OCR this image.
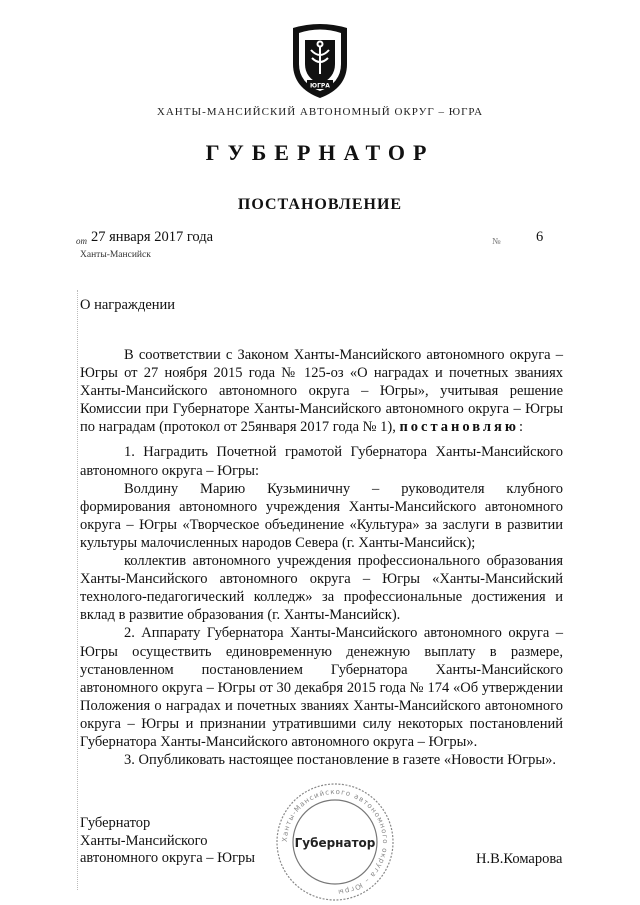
ЮГРА
ХАНТЫ-МАНСИЙСКИЙ АВТОНОМНЫЙ ОКРУГ – ЮГРА
ГУБЕРНАТОР
ПОСТАНОВЛЕНИЕ
от 27 января 2017 года	№ 6
Ханты-Мансийск
О награждении

В соответствии с Законом Ханты-Мансийского автономного округа – Югры от 27 ноября 2015 года № 125-оз «О наградах и почетных званиях Ханты-Мансийского автономного округа – Югры», учитывая решение Комиссии при Губернаторе Ханты-Мансийского автономного округа – Югры по наградам (протокол от 25января 2017 года № 1), постановляю:

1. Наградить Почетной грамотой Губернатора Ханты-Мансийского автономного округа – Югры:

Волдину Марию Кузьминичну – руководителя клубного формирования автономного учреждения Ханты-Мансийского автономного округа – Югры «Творческое объединение «Культура» за заслуги в развитии культуры малочисленных народов Севера (г. Ханты-Мансийск);

коллектив автономного учреждения профессионального образования Ханты-Мансийского автономного округа – Югры «Ханты-Мансийский технолого-педагогический колледж» за профессиональные достижения и вклад в развитие образования (г. Ханты-Мансийск).

2. Аппарату Губернатора Ханты-Мансийского автономного округа – Югры осуществить единовременную денежную выплату в размере, установленном постановлением Губернатора Ханты-Мансийского автономного округа – Югры от 30 декабря 2015 года № 174 «Об утверждении Положения о наградах и почетных званиях Ханты-Мансийского автономного округа – Югры и признании утратившими силу некоторых постановлений Губернатора Ханты-Мансийского автономного округа – Югры».

3. Опубликовать настоящее постановление в газете «Новости Югры».

Губернатор
Ханты-Мансийского
автономного округа – Югры
Ханты-Мансийского автономного округа – Югры
Губернатор
Н.В.Комарова
